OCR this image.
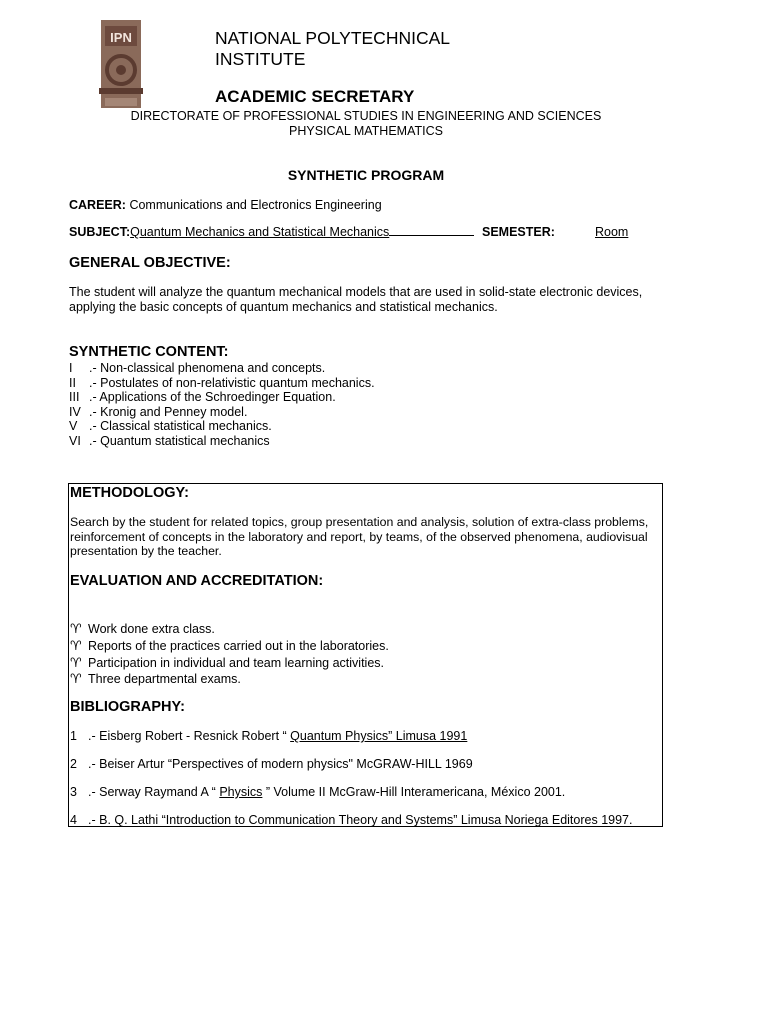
IPN	NATIONAL POLYTECHNICAL
INSTITUTE
ACADEMIC SECRETARY
DIRECTORATE OF PROFESSIONAL STUDIES IN ENGINEERING AND SCIENCES
PHYSICAL MATHEMATICS
SYNTHETIC PROGRAM
CAREER: Communications and Electronics Engineering
SUBJECT:Quantum Mechanics and Statistical Mechanics	SEMESTER:	Room
GENERAL OBJECTIVE:
The student will analyze the quantum mechanical models that are used in solid-state electronic devices,
applying the basic concepts of quantum mechanics and statistical mechanics.
SYNTHETIC CONTENT:
I .- Non-classical phenomena and concepts.
II .- Postulates of non-relativistic quantum mechanics.
III .- Applications of the Schroedinger Equation.
IV .- Kronig and Penney model.
V .- Classical statistical mechanics.
VI .- Quantum statistical mechanics
METHODOLOGY:
Search by the student for related topics, group presentation and analysis, solution of extra-class problems,
reinforcement of concepts in the laboratory and report, by teams, of the observed phenomena, audiovisual
presentation by the teacher.
EVALUATION AND ACCREDITATION:
♈ Work done extra class.
♈ Reports of the practices carried out in the laboratories.
♈ Participation in individual and team learning activities.
♈ Three departmental exams.
BIBLIOGRAPHY:
1 .- Eisberg Robert - Resnick Robert “ Quantum Physics” Limusa 1991
2 .- Beiser Artur “Perspectives of modern physics" McGRAW-HILL 1969
3 .- Serway Raymand A “ Physics ” Volume II McGraw-Hill Interamericana, México 2001.
4 .- B. Q. Lathi “Introduction to Communication Theory and Systems” Limusa Noriega Editores 1997.
